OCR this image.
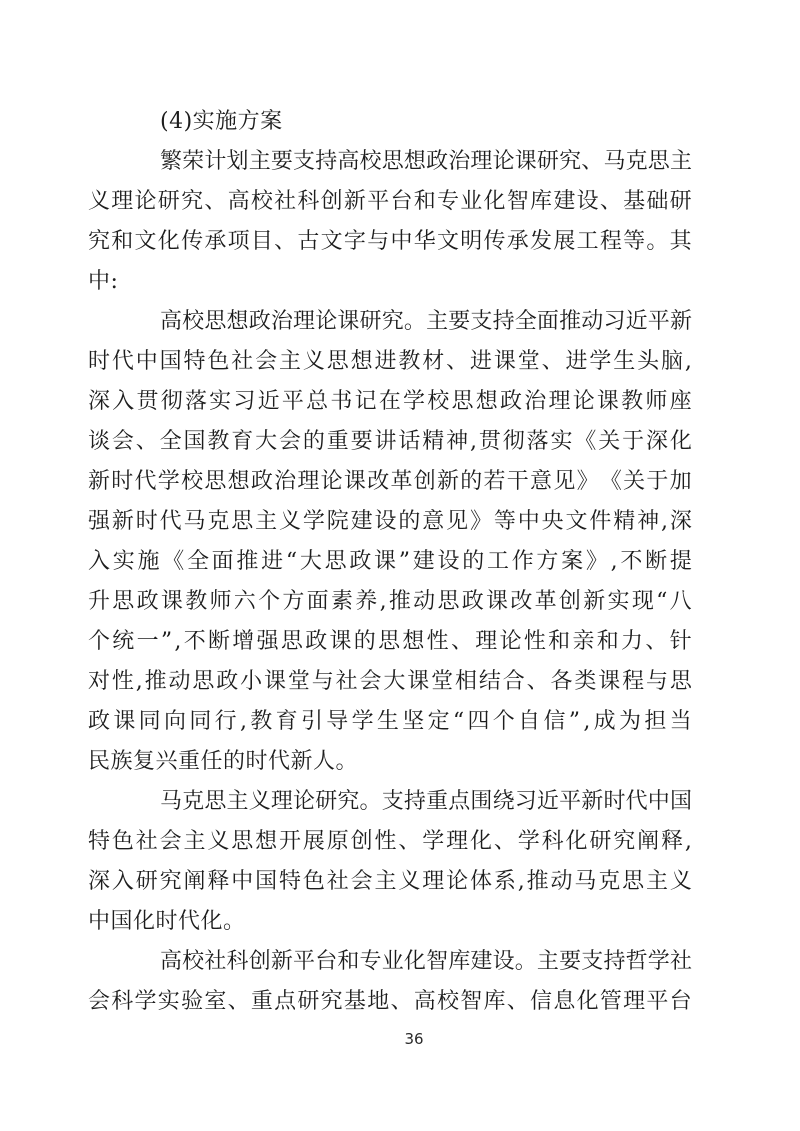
(4)实施方案
繁 荣 计 划 主 要 支 持 高 校 思 想 政 治 理 论 课 研 究 、 马 克 思 主
义 理 论 研 究 、 高 校 社 科 创 新 平 台 和 专 业 化 智 库 建 设 、 基 础 研
究 和 文 化 传 承 项 目 、 古 文 字 与 中 华 文 明 传 承 发 展 工 程 等 。 其
中:
高 校 思 想 政 治 理 论 课 研 究 。 主 要 支 持 全 面 推 动 习 近 平 新
时 代 中 国 特 色 社 会 主 义 思 想 进 教 材 、 进 课 堂 、 进 学 生 头 脑 ,
深 入 贯 彻 落 实 习 近 平 总 书 记 在 学 校 思 想 政 治 理 论 课 教 师 座
谈 会 、 全 国 教 育 大 会 的 重 要 讲 话 精 神 , 贯 彻 落 实 《 关 于 深 化
新 时 代 学 校 思 想 政 治 理 论 课 改 革 创 新 的 若 干 意 见 》 《 关 于 加
强 新 时 代 马 克 思 主 义 学 院 建 设 的 意 见 》 等 中 央 文 件 精 神 , 深
入 实 施 《 全 面 推 进 “ 大 思 政 课 ” 建 设 的 工 作 方 案 》 , 不 断 提
升 思 政 课 教 师 六 个 方 面 素 养 , 推 动 思 政 课 改 革 创 新 实 现 “ 八
个 统 一 ” , 不 断 增 强 思 政 课 的 思 想 性 、 理 论 性 和 亲 和 力 、 针
对 性 , 推 动 思 政 小 课 堂 与 社 会 大 课 堂 相 结 合 、 各 类 课 程 与 思
政 课 同 向 同 行 , 教 育 引 导 学 生 坚 定 “ 四 个 自 信 ” , 成 为 担 当
民族复兴重任的时代新人。
马 克 思 主 义 理 论 研 究 。 支 持 重 点 围 绕 习 近 平 新 时 代 中 国
特 色 社 会 主 义 思 想 开 展 原 创 性 、 学 理 化 、 学 科 化 研 究 阐 释 ,
深 入 研 究 阐 释 中 国 特 色 社 会 主 义 理 论 体 系 , 推 动 马 克 思 主 义
中国化时代化。
高 校 社 科 创 新 平 台 和 专 业 化 智 库 建 设 。 主 要 支 持 哲 学 社
会 科 学 实 验 室 、 重 点 研 究 基 地 、 高 校 智 库 、 信 息 化 管 理 平 台
36
